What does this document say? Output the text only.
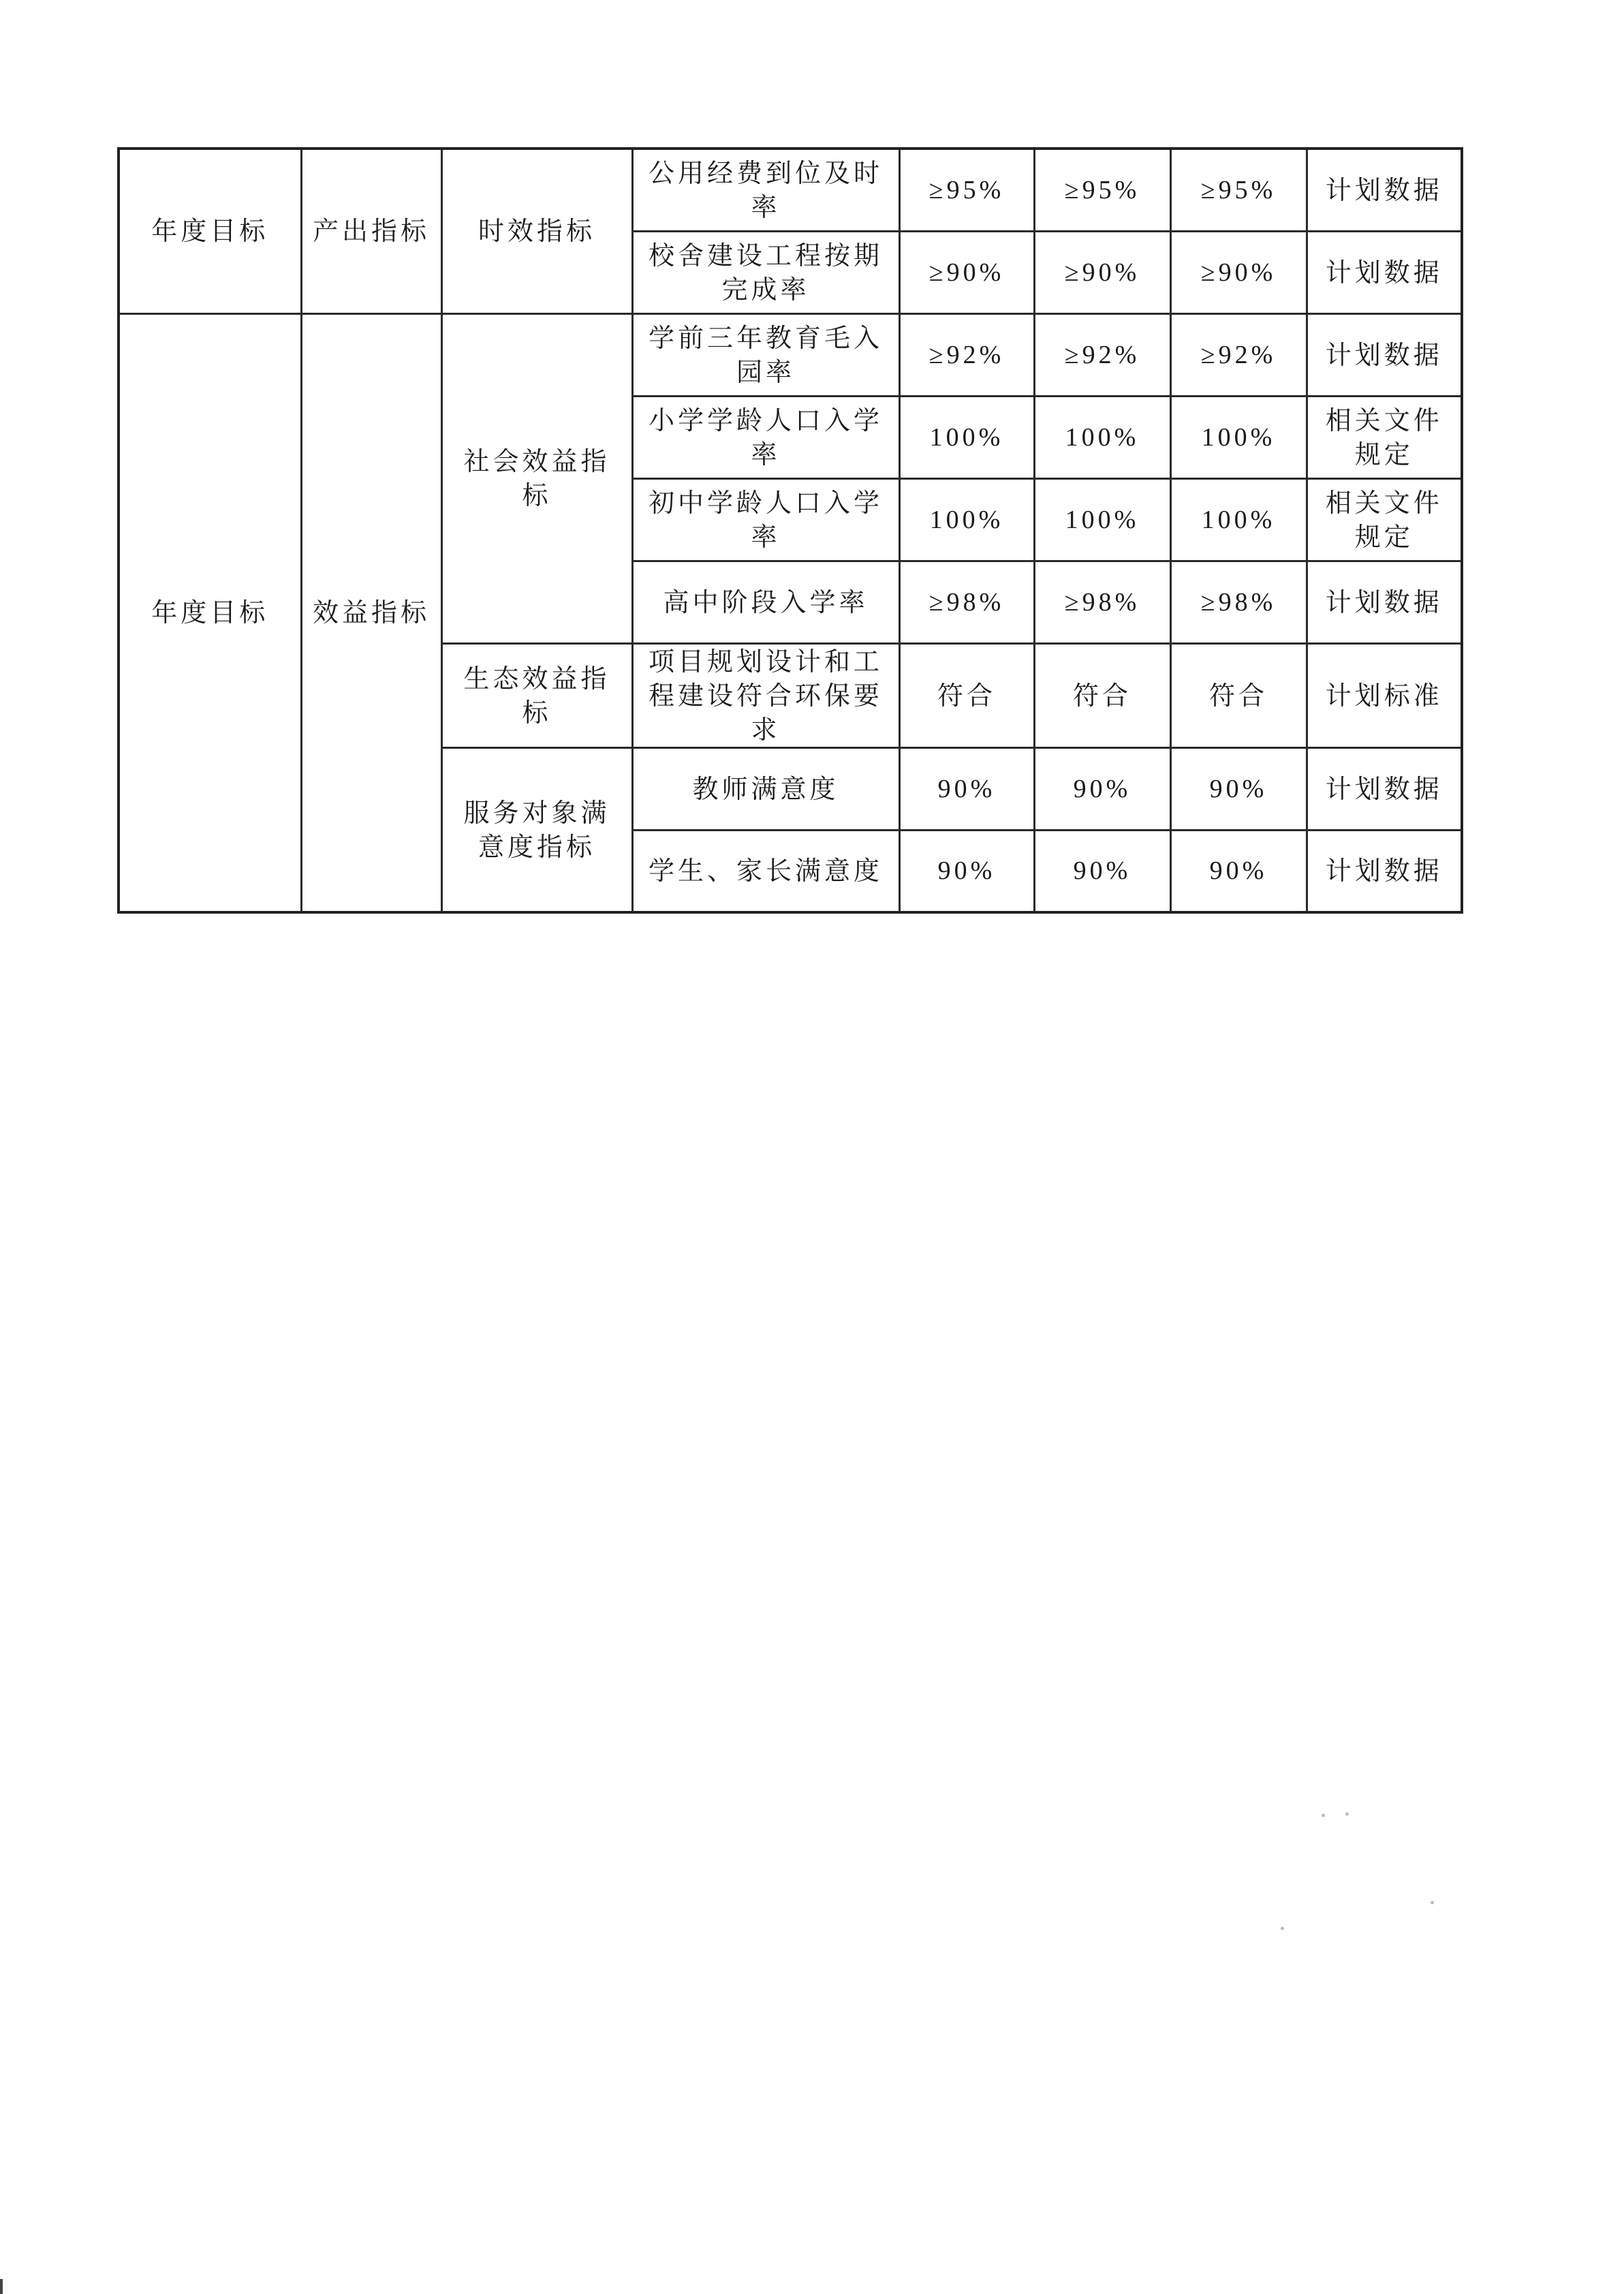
年度目标	产出指标	时效指标	公用经费到位及时率	≥95%	≥95%	≥95%	计划数据
			校舍建设工程按期完成率	≥90%	≥90%	≥90%	计划数据
年度目标	效益指标	社会效益指标	学前三年教育毛入园率	≥92%	≥92%	≥92%	计划数据
			小学学龄人口入学率	100%	100%	100%	相关文件规定
			初中学龄人口入学率	100%	100%	100%	相关文件规定
			高中阶段入学率	≥98%	≥98%	≥98%	计划数据
		生态效益指标	项目规划设计和工程建设符合环保要求	符合	符合	符合	计划标准
		服务对象满意度指标	教师满意度	90%	90%	90%	计划数据
			学生、家长满意度	90%	90%	90%	计划数据
